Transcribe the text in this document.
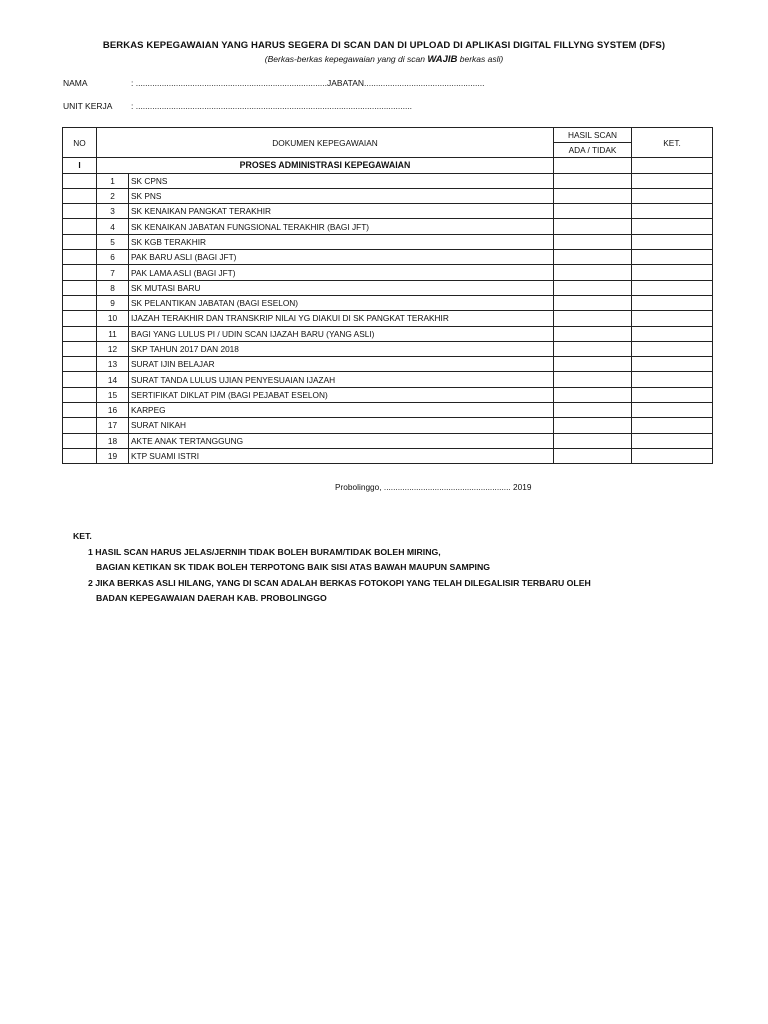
BERKAS KEPEGAWAIAN YANG HARUS SEGERA DI SCAN DAN DI UPLOAD DI APLIKASI DIGITAL FILLYNG SYSTEM (DFS)
(Berkas-berkas kepegawaian yang di scan WAJIB berkas asli)
NAMA	: .................................................................................JABATAN...................................................
UNIT KERJA : .....................................................................................................................
NO	DOKUMEN KEPEGAWAIAN		HASIL SCAN	KET.
			ADA / TIDAK	
I	PROSES ADMINISTRASI KEPEGAWAIAN			
	1	SK CPNS		
	2	SK PNS		
	3	SK KENAIKAN PANGKAT TERAKHIR		
	4	SK KENAIKAN JABATAN FUNGSIONAL TERAKHIR (BAGI JFT)		
	5	SK KGB TERAKHIR		
	6	PAK BARU ASLI (BAGI JFT)		
	7	PAK LAMA ASLI (BAGI JFT)		
	8	SK MUTASI BARU		
	9	SK PELANTIKAN JABATAN (BAGI ESELON)		
	10	IJAZAH TERAKHIR DAN TRANSKRIP NILAI YG DIAKUI DI SK PANGKAT TERAKHIR		
	11	BAGI YANG LULUS PI / UDIN SCAN IJAZAH BARU (YANG ASLI)		
	12	SKP TAHUN 2017 DAN 2018		
	13	SURAT IJIN BELAJAR		
	14	SURAT TANDA LULUS UJIAN PENYESUAIAN IJAZAH		
	15	SERTIFIKAT DIKLAT PIM (BAGI PEJABAT ESELON)		
	16	KARPEG		
	17	SURAT NIKAH		
	18	AKTE ANAK TERTANGGUNG		
	19	KTP SUAMI ISTRI		
Probolinggo, ....................................................... 2019
KET.
1 HASIL SCAN HARUS JELAS/JERNIH TIDAK BOLEH BURAM/TIDAK BOLEH MIRING,
BAGIAN KETIKAN SK TIDAK BOLEH TERPOTONG BAIK SISI ATAS BAWAH MAUPUN SAMPING
2 JIKA BERKAS ASLI HILANG, YANG DI SCAN ADALAH BERKAS FOTOKOPI YANG TELAH DILEGALISIR TERBARU OLEH
BADAN KEPEGAWAIAN DAERAH KAB. PROBOLINGGO
